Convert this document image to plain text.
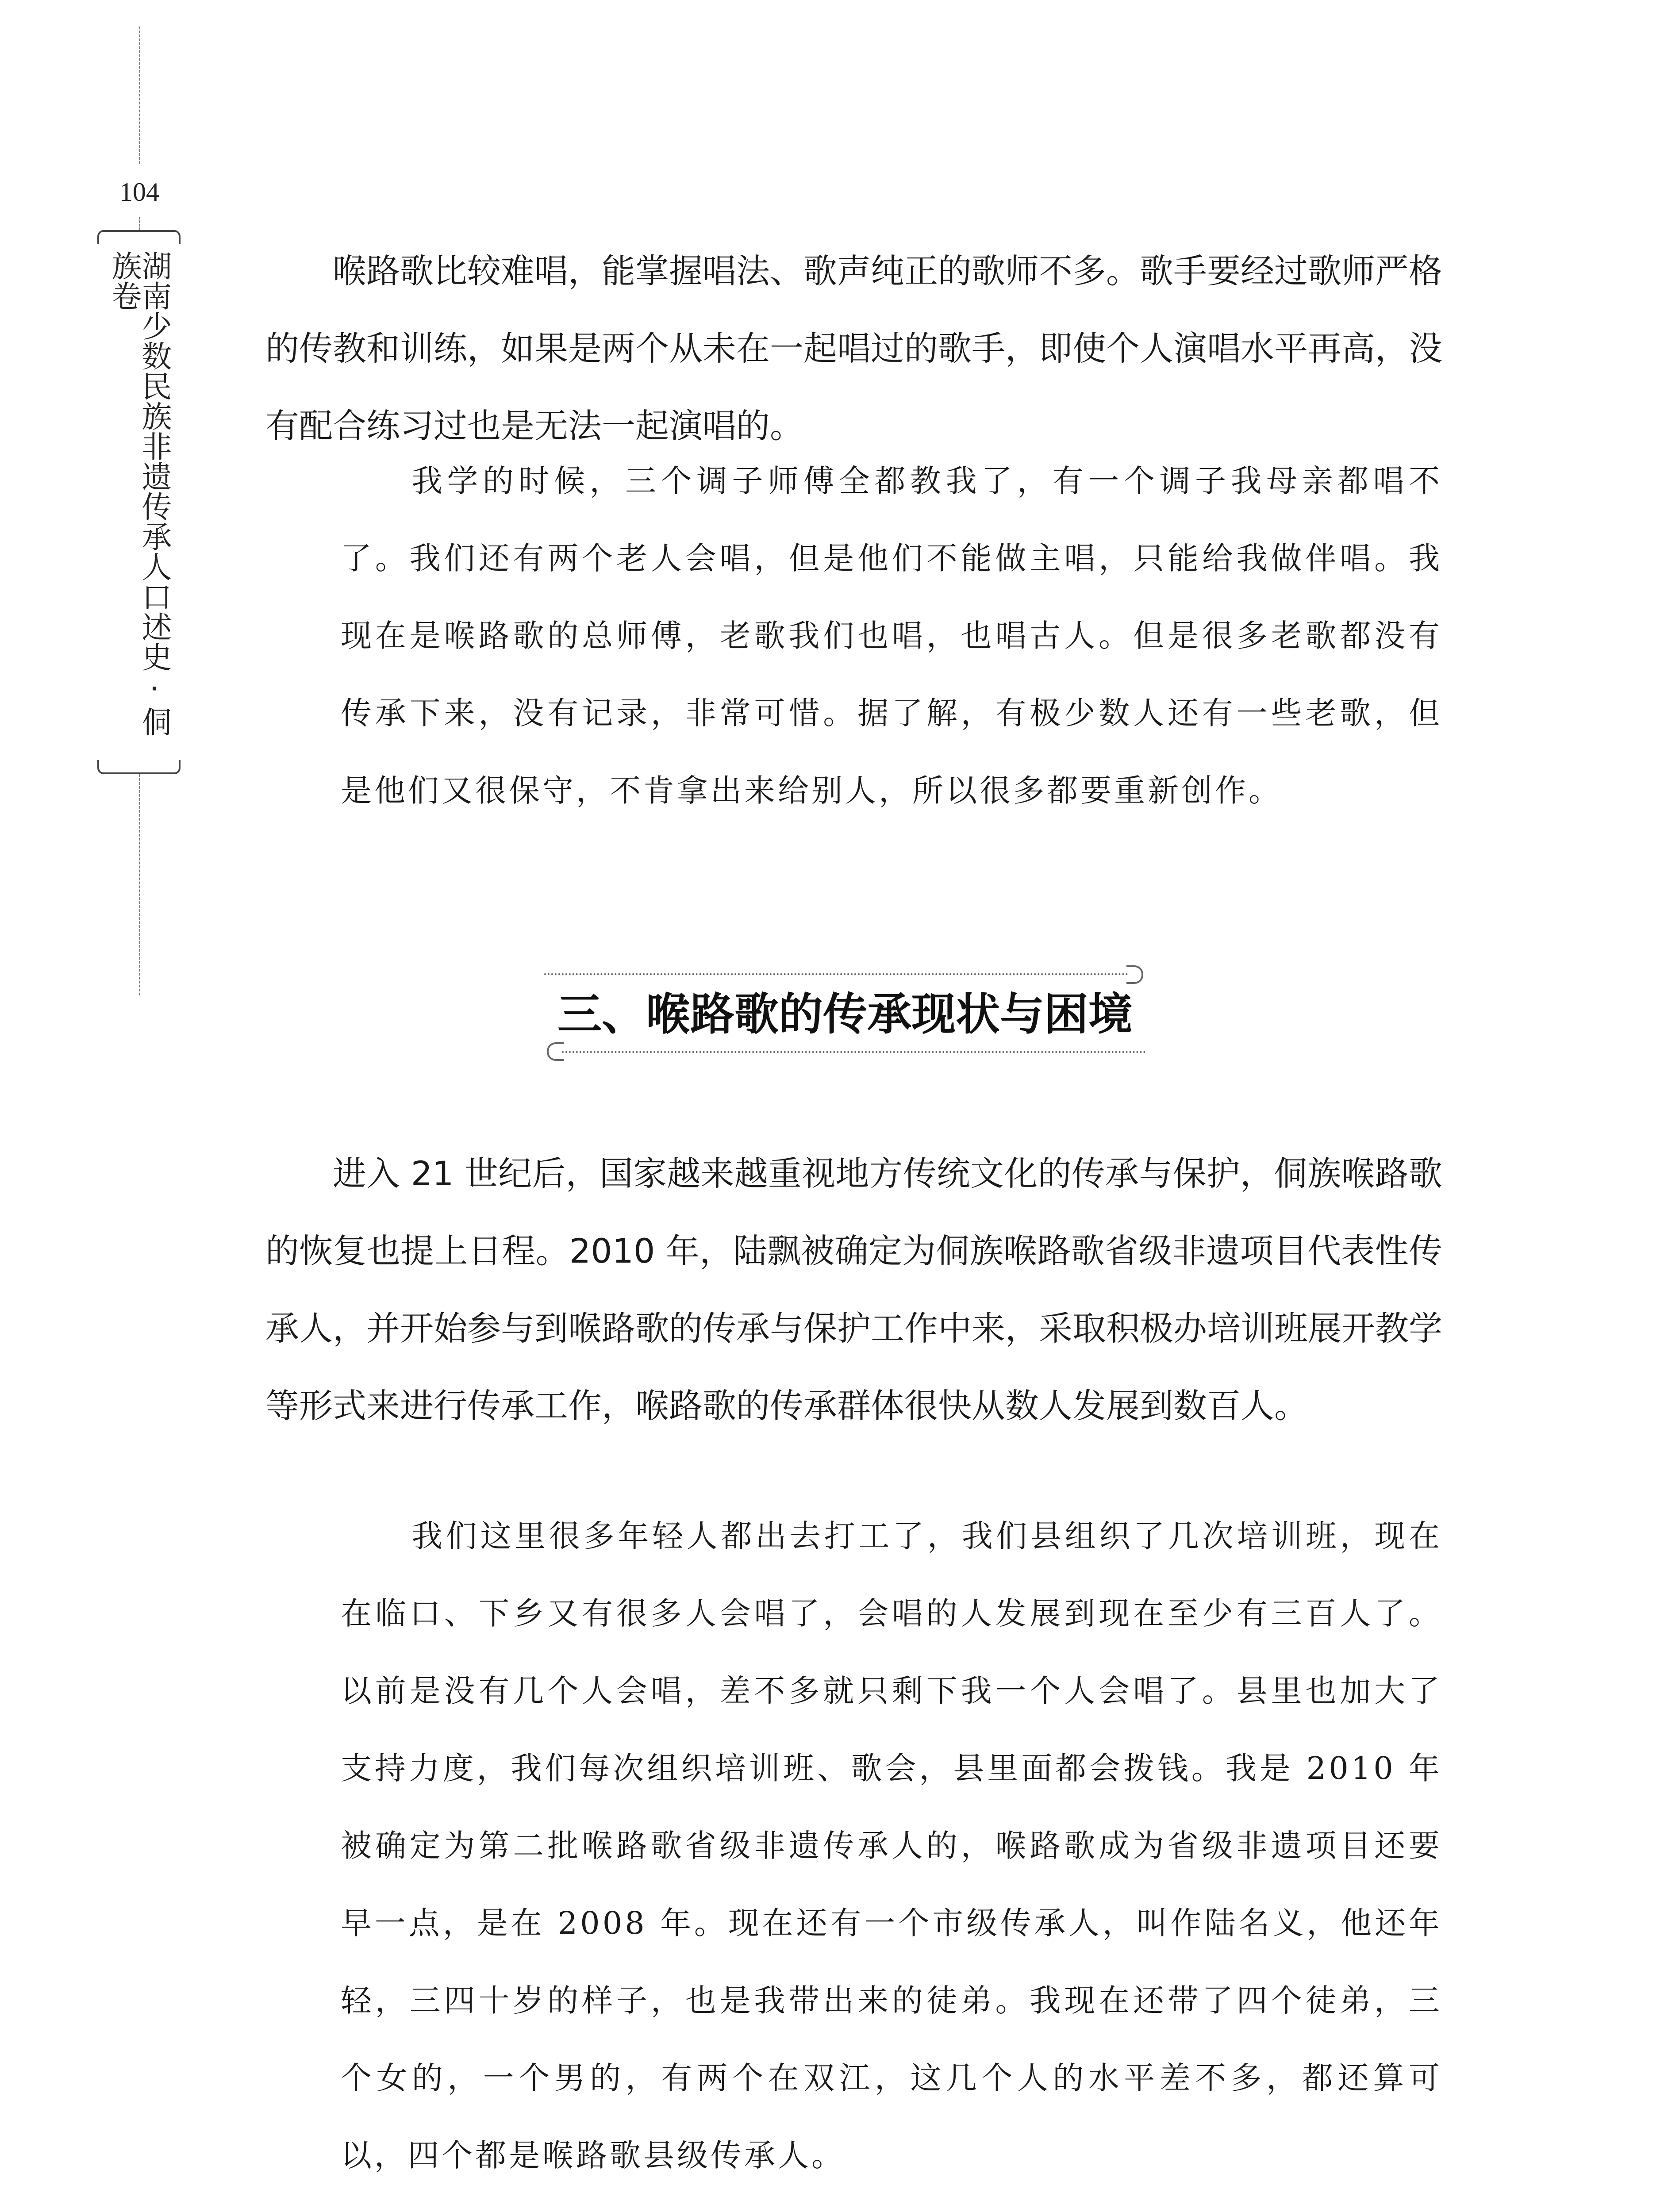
104
湖南少数民族非遗传承人口述史·侗族卷	喉路歌比较难唱，能掌握唱法、歌声纯正的歌师不多。歌手要经过歌师严格的传教和训练，如果是两个从未在一起唱过的歌手，即使个人演唱水平再高，没有配合练习过也是无法一起演唱的。

我学的时候，三个调子师傅全都教我了，有一个调子我母亲都唱不了。我们还有两个老人会唱，但是他们不能做主唱，只能给我做伴唱。我现在是喉路歌的总师傅，老歌我们也唱，也唱古人。但是很多老歌都没有传承下来，没有记录，非常可惜。据了解，有极少数人还有一些老歌，但是他们又很保守，不肯拿出来给别人，所以很多都要重新创作。

三、喉路歌的传承现状与困境

进入 21 世纪后，国家越来越重视地方传统文化的传承与保护，侗族喉路歌的恢复也提上日程。2010 年，陆飘被确定为侗族喉路歌省级非遗项目代表性传承人，并开始参与到喉路歌的传承与保护工作中来，采取积极办培训班展开教学等形式来进行传承工作，喉路歌的传承群体很快从数人发展到数百人。

我们这里很多年轻人都出去打工了，我们县组织了几次培训班，现在在临口、下乡又有很多人会唱了，会唱的人发展到现在至少有三百人了。以前是没有几个人会唱，差不多就只剩下我一个人会唱了。县里也加大了支持力度，我们每次组织培训班、歌会，县里面都会拨钱。我是 2010 年被确定为第二批喉路歌省级非遗传承人的，喉路歌成为省级非遗项目还要早一点，是在 2008 年。现在还有一个市级传承人，叫作陆名义，他还年轻，三四十岁的样子，也是我带出来的徒弟。我现在还带了四个徒弟，三个女的，一个男的，有两个在双江，这几个人的水平差不多，都还算可以，四个都是喉路歌县级传承人。
